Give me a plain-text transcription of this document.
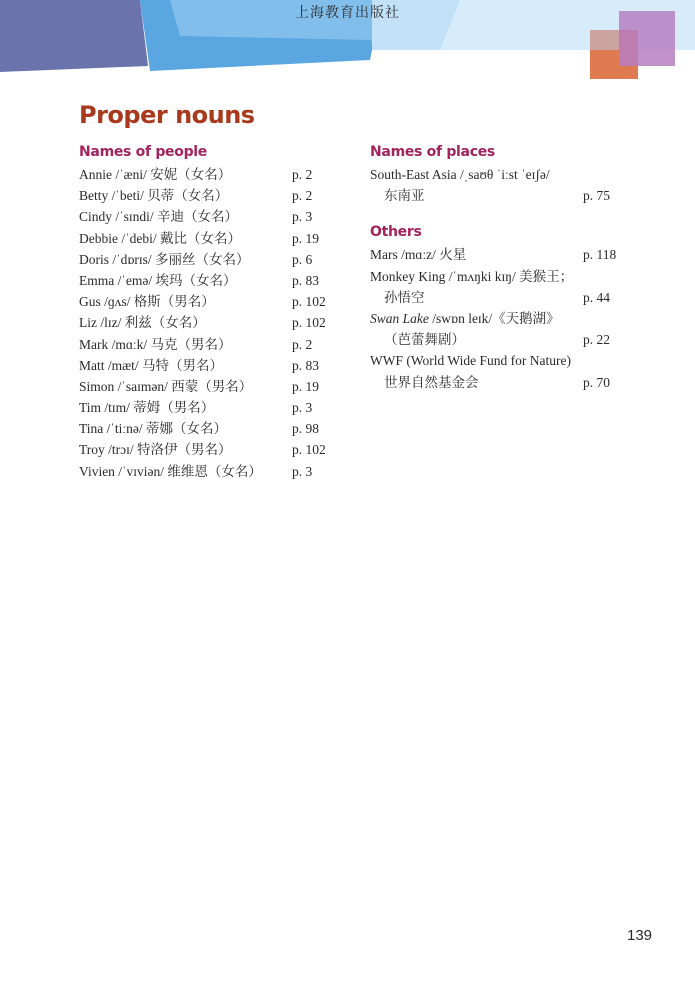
上海教育出版社
Proper nouns
Names of people
Annie /ˈæni/ 安妮（女名）	p. 2
Betty /ˈbeti/ 贝蒂（女名）	p. 2
Cindy /ˈsɪndi/ 辛迪（女名）	p. 3
Debbie /ˈdebi/ 戴比（女名）	p. 19
Doris /ˈdɒrɪs/ 多丽丝（女名）	p. 6
Emma /ˈemə/ 埃玛（女名）	p. 83
Gus /ɡʌs/ 格斯（男名）	p. 102
Liz /lɪz/ 利兹（女名）	p. 102
Mark /mɑːk/ 马克（男名）	p. 2
Matt /mæt/ 马特（男名）	p. 83
Simon /ˈsaɪmən/ 西蒙（男名）	p. 19
Tim /tɪm/ 蒂姆（男名）	p. 3
Tina /ˈtiːnə/ 蒂娜（女名）	p. 98
Troy /trɔɪ/ 特洛伊（男名）	p. 102
Vivien /ˈvɪviən/ 维维恩（女名） p. 3
Names of places
South-East Asia /ˌsaʊθ ˈiːst ˈeɪʃə/
东南亚	p. 75
Others
Mars /mɑːz/ 火星	p. 118
Monkey King /ˈmʌŋki kɪŋ/ 美猴王；
孙悟空	p. 44
Swan Lake /swɒn leɪk/《天鹅湖》
（芭蕾舞剧）	p. 22
WWF (World Wide Fund for Nature)
世界自然基金会	p. 70
139
